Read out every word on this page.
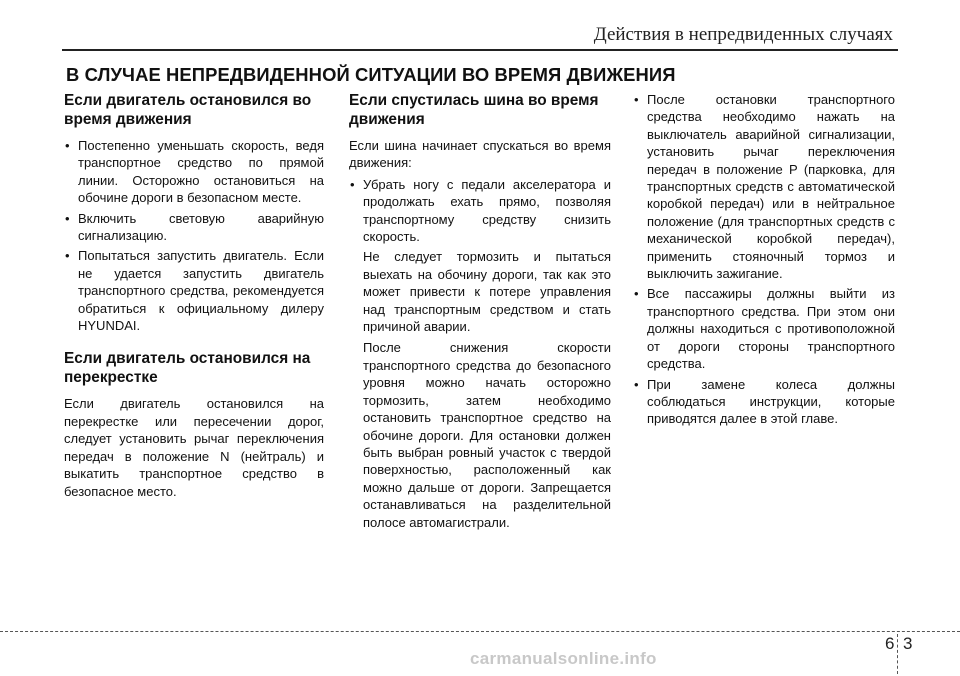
Действия в непредвиденных случаях
В СЛУЧАЕ НЕПРЕДВИДЕННОЙ СИТУАЦИИ ВО ВРЕМЯ ДВИЖЕНИЯ
Если двигатель остановился во время движения
• Постепенно уменьшать скорость, ведя транспортное средство по прямой линии. Осторожно остановиться на обочине дороги в безопасном месте.
• Включить световую аварийную сигнализацию.
• Попытаться запустить двигатель. Если не удается запустить двигатель транспортного средства, рекомендуется обратиться к официальному дилеру HYUNDAI.
Если двигатель остановился на перекрестке

Если двигатель остановился на перекрестке или пересечении дорог, следует установить рычаг переключения передач в положение N (нейтраль) и выкатить транспортное средство в безопасное место.

Если спустилась шина во время движения

Если шина начинает спускаться во время движения:

• Убрать ногу с педали акселератора и продолжать ехать прямо, позволяя транспортному средству снизить скорость.
Не следует тормозить и пытаться выехать на обочину дороги, так как это может привести к потере управления над транспортным средством и стать причиной аварии.
После снижения скорости транспортного средства до безопасного уровня можно начать осторожно тормозить, затем необходимо остановить транспортное средство на обочине дороги. Для остановки должен быть выбран ровный участок с твердой поверхностью, расположенный как можно дальше от дороги. Запрещается останавливаться на разделительной полосе автомагистрали.
• После остановки транспортного средства необходимо нажать на выключатель аварийной сигнализации, установить рычаг переключения передач в положение P (парковка, для транспортных средств с автоматической коробкой передач) или в нейтральное положение (для транспортных средств с механической коробкой передач), применить стояночный тормоз и выключить зажигание.
• Все пассажиры должны выйти из транспортного средства. При этом они должны находиться с противоположной от дороги стороны транспортного средства.
• При замене колеса должны соблюдаться инструкции, которые приводятся далее в этой главе.
6 3
carmanualsonline.info
